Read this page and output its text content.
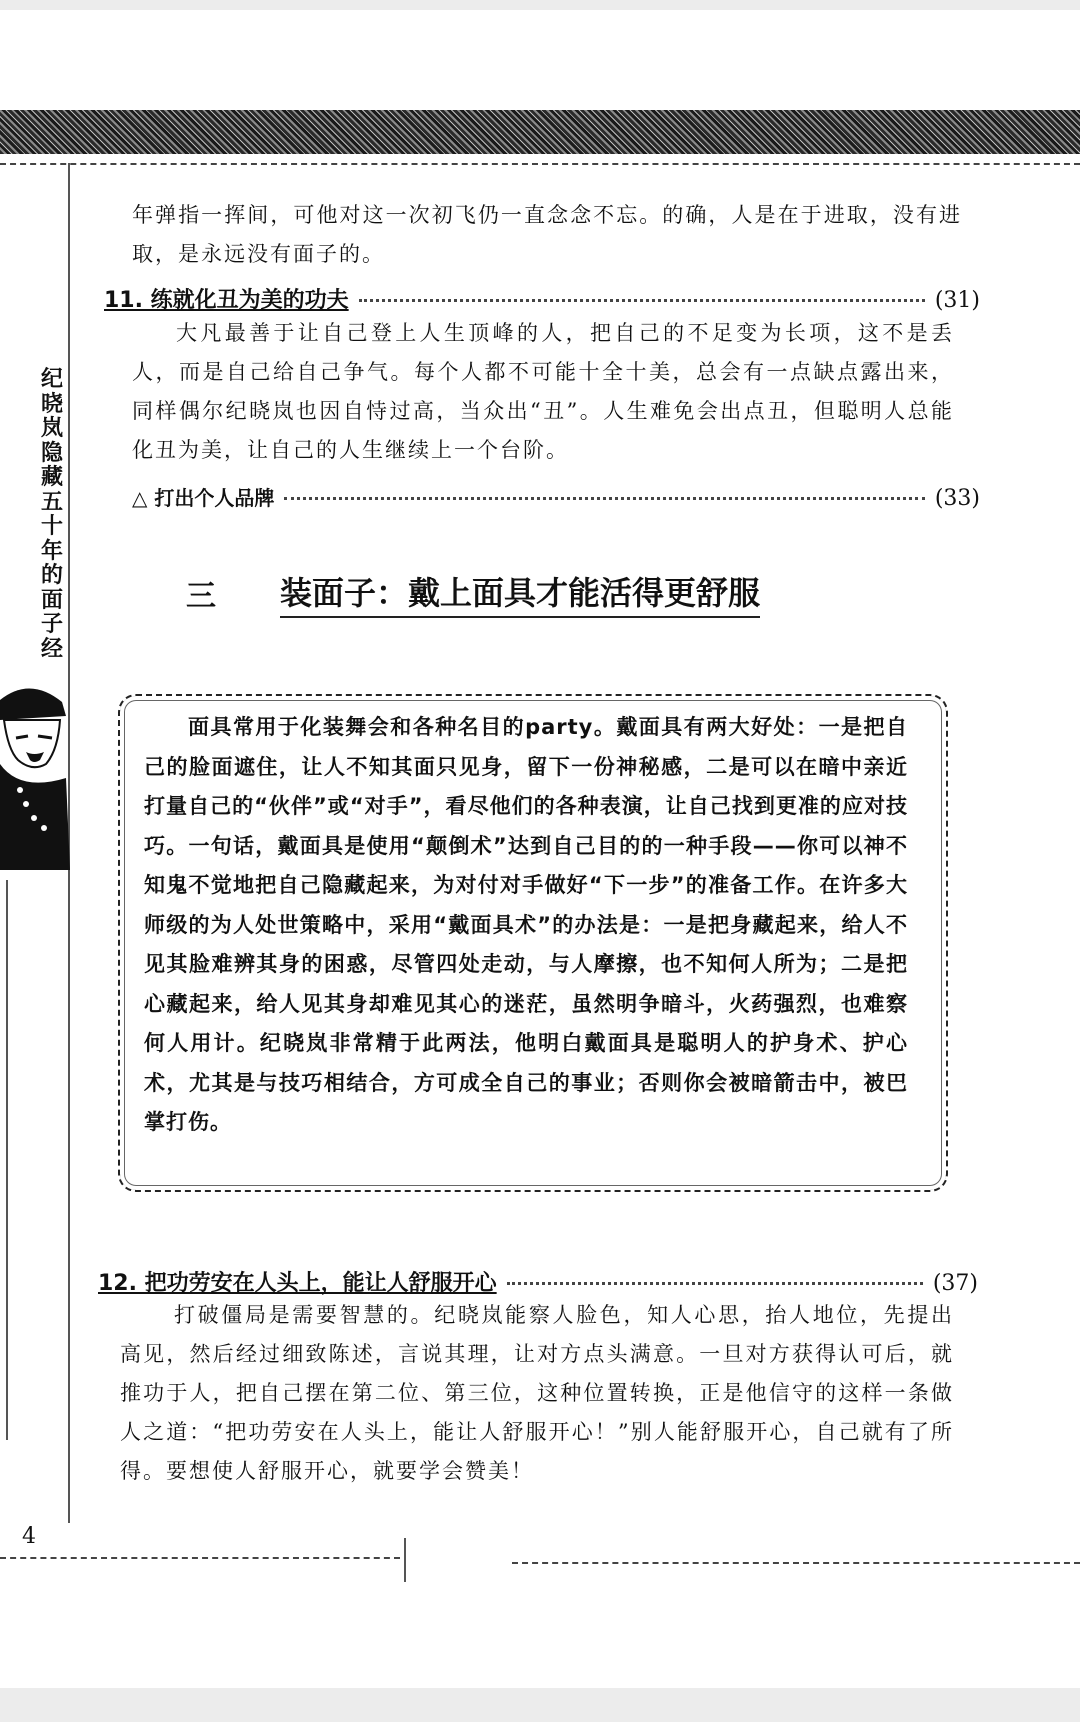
纪晓岚隐藏五十年的面子经

年弹指一挥间，可他对这一次初飞仍一直念念不忘。的确，人是在于进取，没有进取，是永远没有面子的。

11. 练就化丑为美的功夫	(31)

大凡最善于让自己登上人生顶峰的人，把自己的不足变为长项，这不是丢人，而是自己给自己争气。每个人都不可能十全十美，总会有一点缺点露出来，同样偶尔纪晓岚也因自恃过高，当众出“丑”。人生难免会出点丑，但聪明人总能化丑为美，让自己的人生继续上一个台阶。

△ 打出个人品牌	(33)
三	装面子：戴上面具才能活得更舒服

面具常用于化装舞会和各种名目的party。戴面具有两大好处：一是把自己的脸面遮住，让人不知其面只见身，留下一份神秘感，二是可以在暗中亲近打量自己的“伙伴”或“对手”，看尽他们的各种表演，让自己找到更准的应对技巧。一句话，戴面具是使用“颠倒术”达到自己目的的一种手段——你可以神不知鬼不觉地把自己隐藏起来，为对付对手做好“下一步”的准备工作。在许多大师级的为人处世策略中，采用“戴面具术”的办法是：一是把身藏起来，给人不见其脸难辨其身的困惑，尽管四处走动，与人摩擦，也不知何人所为；二是把心藏起来，给人见其身却难见其心的迷茫，虽然明争暗斗，火药强烈，也难察何人用计。纪晓岚非常精于此两法，他明白戴面具是聪明人的护身术、护心术，尤其是与技巧相结合，方可成全自己的事业；否则你会被暗箭击中，被巴掌打伤。

12. 把功劳安在人头上，能让人舒服开心	(37)

打破僵局是需要智慧的。纪晓岚能察人脸色，知人心思，抬人地位，先提出高见，然后经过细致陈述，言说其理，让对方点头满意。一旦对方获得认可后，就推功于人，把自己摆在第二位、第三位，这种位置转换，正是他信守的这样一条做人之道：“把功劳安在人头上，能让人舒服开心！”别人能舒服开心，自己就有了所得。要想使人舒服开心，就要学会赞美！

4
